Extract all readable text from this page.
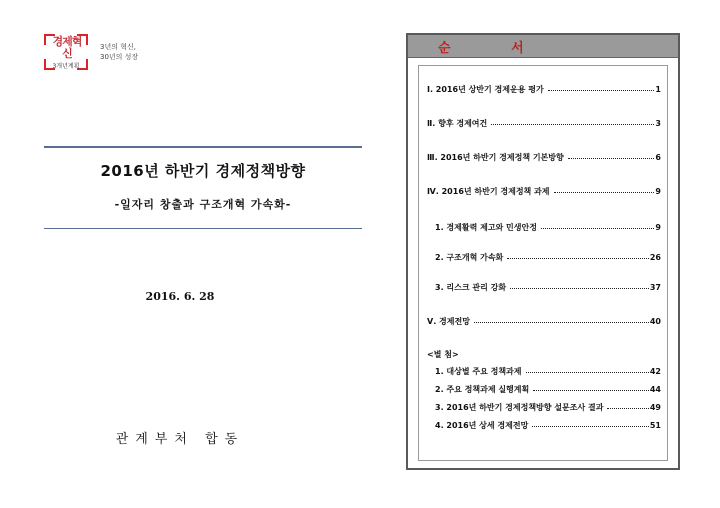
경제혁신
3개년계획
3년의 혁신,
30년의 성장
2016년 하반기 경제정책방향
-일자리 창출과 구조개혁 가속화-
2016. 6. 28
관계부처 합동
순 서
Ⅰ. 2016년 상반기 경제운용 평가	1
Ⅱ. 향후 경제여건	3
Ⅲ. 2016년 하반기 경제정책 기본방향	6
Ⅳ. 2016년 하반기 경제정책 과제	9
1. 경제활력 제고와 민생안정	9
2. 구조개혁 가속화	26
3. 리스크 관리 강화	37
Ⅴ. 경제전망	40
<별 첨>
1. 대상별 주요 정책과제	42
2. 주요 정책과제 실행계획	44
3. 2016년 하반기 경제정책방향 설문조사 결과	49
4. 2016년 상세 경제전망	51
